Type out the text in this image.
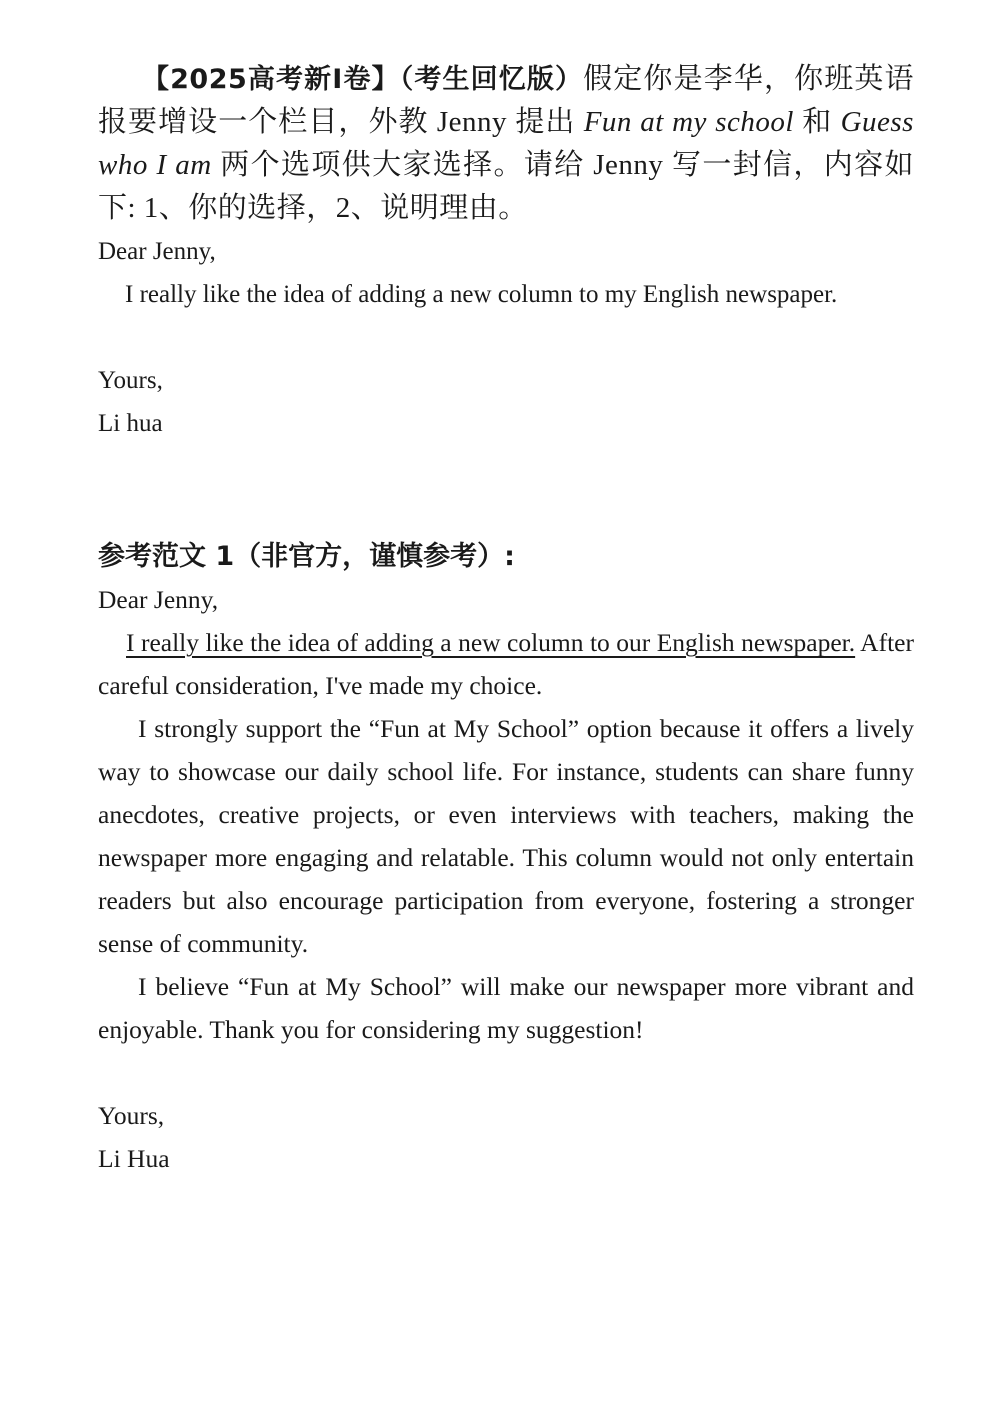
【2025高考新I卷】（考生回忆版）假定你是李华，你班英语报要增设一个栏目，外教 Jenny 提出 Fun at my school 和 Guess who I am 两个选项供大家选择。请给 Jenny 写一封信，内容如下: 1、你的选择，2、说明理由。

Dear Jenny,

I really like the idea of adding a new column to my English newspaper.

Yours,

Li hua

参考范文 1（非官方，谨慎参考）:

Dear Jenny,

I really like the idea of adding a new column to our English newspaper. After careful consideration, I've made my choice.

I strongly support the “Fun at My School” option because it offers a lively way to showcase our daily school life. For instance, students can share funny anecdotes, creative projects, or even interviews with teachers, making the newspaper more engaging and relatable. This column would not only entertain readers but also encourage participation from everyone, fostering a stronger sense of community.

I believe “Fun at My School” will make our newspaper more vibrant and enjoyable. Thank you for considering my suggestion!

Yours,

Li Hua
